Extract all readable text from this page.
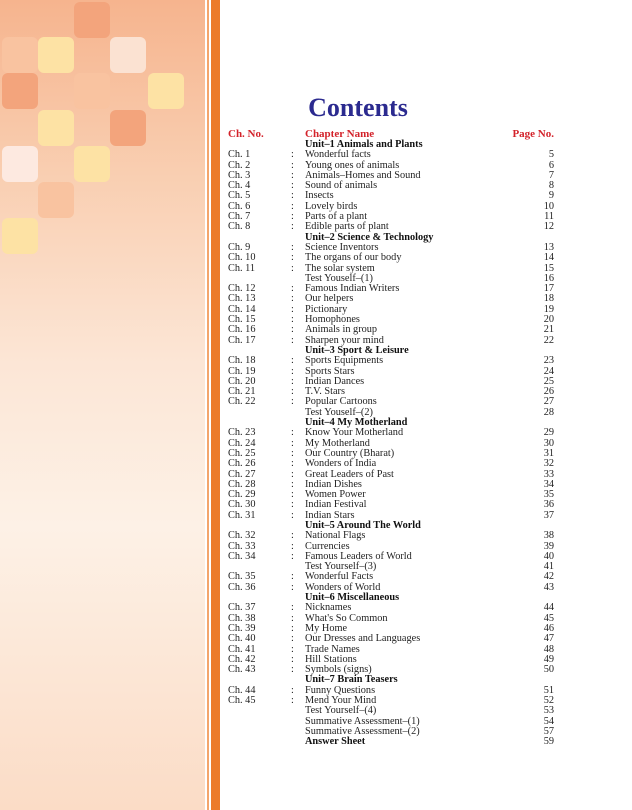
Contents
Ch. No.	Chapter Name	Page No.
Unit–1 Animals and Plants
Ch. 1	: Wonderful facts	5
Ch. 2	: Young ones of animals	6
Ch. 3	: Animals–Homes and Sound	7
Ch. 4	: Sound of animals	8
Ch. 5	: Insects	9
Ch. 6	: Lovely birds	10
Ch. 7	: Parts of a plant	11
Ch. 8	: Edible parts of plant	12
Unit–2 Science & Technology
Ch. 9	: Science Inventors	13
Ch. 10	: The organs of our body	14
Ch. 11	: The solar system	15
Test Youself–(1)	16
Ch. 12	: Famous Indian Writers	17
Ch. 13	: Our helpers	18
Ch. 14	: Pictionary	19
Ch. 15	: Homophones	20
Ch. 16	: Animals in group	21
Ch. 17	: Sharpen your mind	22
Unit–3 Sport & Leisure
Ch. 18	: Sports Equipments	23
Ch. 19	: Sports Stars	24
Ch. 20	: Indian Dances	25
Ch. 21	: T.V. Stars	26
Ch. 22	: Popular Cartoons	27
Test Youself–(2)	28
Unit–4 My Motherland
Ch. 23	: Know Your Motherland	29
Ch. 24	: My Motherland	30
Ch. 25	: Our Country (Bharat)	31
Ch. 26	: Wonders of India	32
Ch. 27	: Great Leaders of Past	33
Ch. 28	: Indian Dishes	34
Ch. 29	: Women Power	35
Ch. 30	: Indian Festival	36
Ch. 31	: Indian Stars	37
Unit–5 Around The World
Ch. 32	: National Flags	38
Ch. 33	: Currencies	39
Ch. 34	: Famous Leaders of World	40
Test Yourself–(3)	41
Ch. 35	: Wonderful Facts	42
Ch. 36	: Wonders of World	43
Unit–6 Miscellaneous
Ch. 37	: Nicknames	44
Ch. 38	: What's So Common	45
Ch. 39	: My Home	46
Ch. 40	: Our Dresses and Languages	47
Ch. 41	: Trade Names	48
Ch. 42	: Hill Stations	49
Ch. 43	: Symbols (signs)	50
Unit–7 Brain Teasers
Ch. 44	: Funny Questions	51
Ch. 45	: Mend Your Mind	52
Test Yourself–(4)	53
Summative Assessment–(1)	54
Summative Assessment–(2)	57
Answer Sheet	59
